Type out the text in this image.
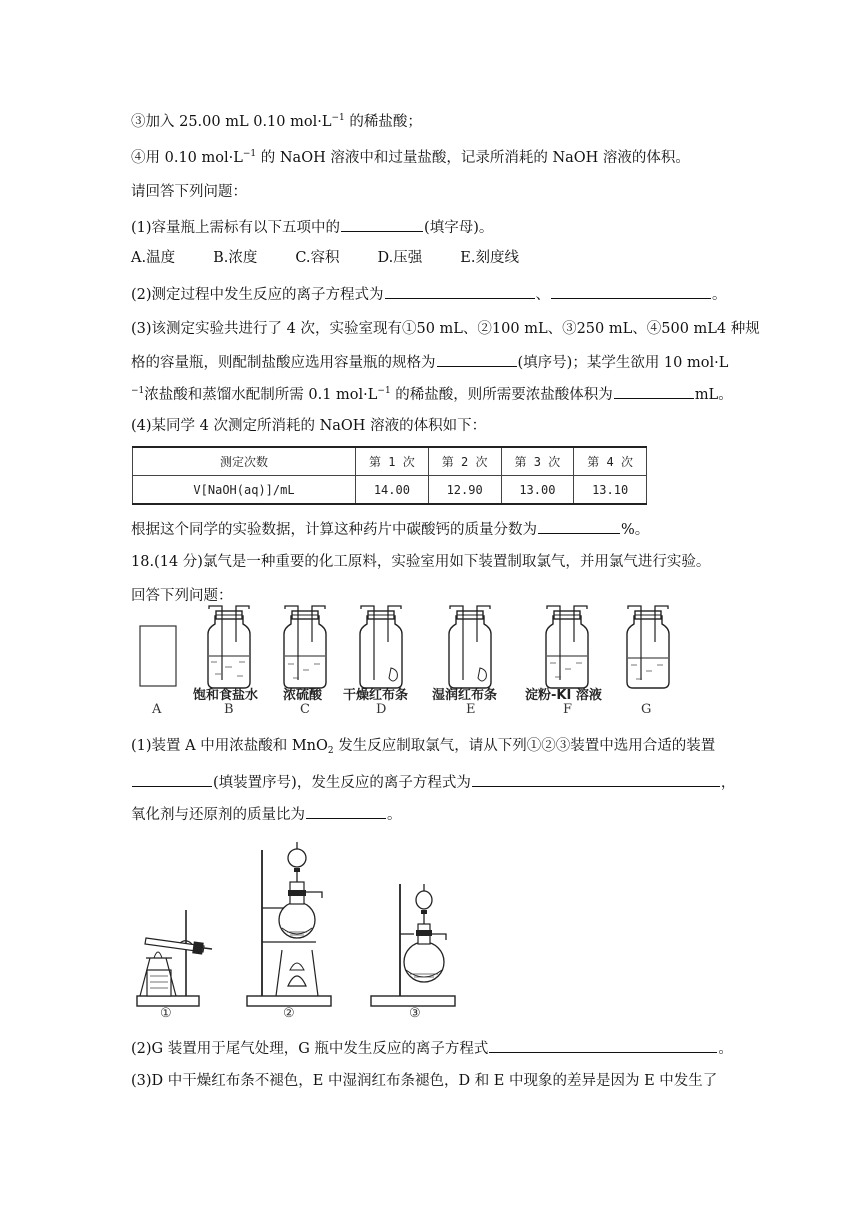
③加入 25.00 mL 0.10 $mol\cdot L^{-1}$ 的稀盐酸；
④用 0.10 $mol\cdot L^{-1}$ 的 NaOH 溶液中和过量盐酸，记录所消耗的 NaOH 溶液的体积。
请回答下列问题：
(1)容量瓶上需标有以下五项中的	(填字母)。
A.温度	B.浓度	C.容积	D.压强	E.刻度线
(2)测定过程中发生反应的离子方程式为	、	。
(3)该测定实验共进行了 4 次，实验室现有①50 mL、②100 mL、③250 mL、④500 mL4 种规
格的容量瓶，则配制盐酸应选用容量瓶的规格为	(填序号)；某学生欲用 10 mol·L
$^{-1}$浓盐酸和蒸馏水配制所需 0.1 $mol\cdot L^{-1}$ 的稀盐酸，则所需要浓盐酸体积为	mL。
(4)某同学 4 次测定所消耗的 NaOH 溶液的体积如下：
测定次数	第 1 次	第 2 次	第 3 次	第 4 次
V[NaOH(aq)]/mL	14.00	12.90	13.00	13.10
根据这个同学的实验数据，计算这种药片中碳酸钙的质量分数为	%。
18.(14 分)氯气是一种重要的化工原料，实验室用如下装置制取氯气，并用氯气进行实验。
回答下列问题：
饱和食盐水 浓硫酸 干燥红布条 湿润红布条 淀粉-KI 溶液
A	B	C	D	E	F	G
(1)装置 A 中用浓盐酸和 MnO$_2$ 发生反应制取氯气，请从下列①②③装置中选用合适的装置
(填装置序号)，发生反应的离子方程式为	，
氧化剂与还原剂的质量比为	。
①	②	③
(2)G 装置用于尾气处理，G 瓶中发生反应的离子方程式	。
(3)D 中干燥红布条不褪色，E 中湿润红布条褪色，D 和 E 中现象的差异是因为 E 中发生了
